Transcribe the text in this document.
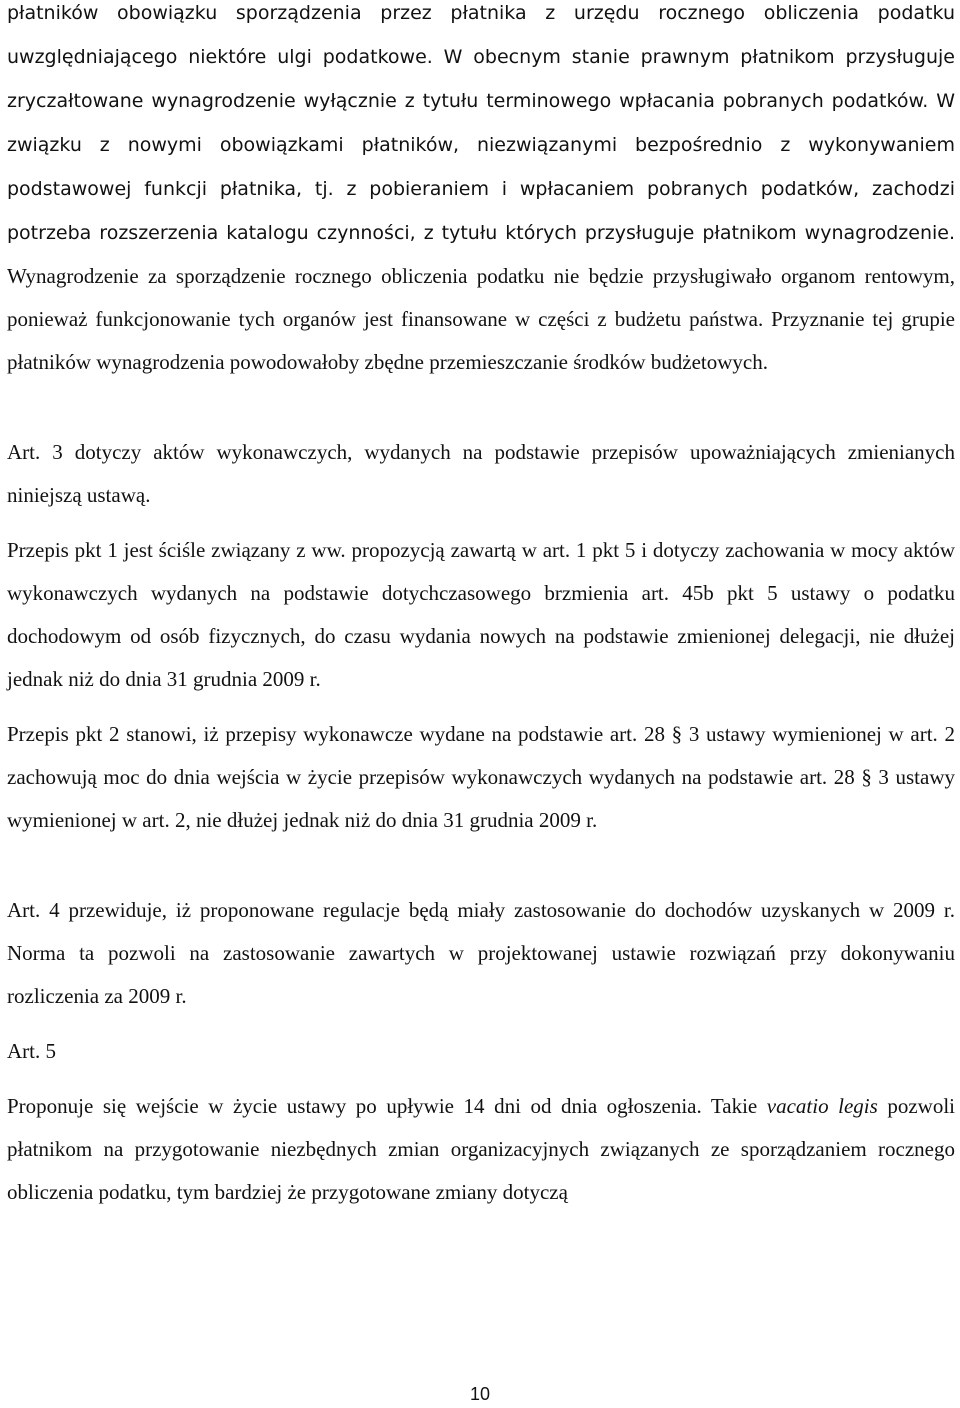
płatników obowiązku sporządzenia przez płatnika z urzędu rocznego obliczenia podatku uwzględniającego niektóre ulgi podatkowe. W obecnym stanie prawnym płatnikom przysługuje zryczałtowane wynagrodzenie wyłącznie z tytułu terminowego wpłacania pobranych podatków. W związku z nowymi obowiązkami płatników, niezwiązanymi bezpośrednio z wykonywaniem podstawowej funkcji płatnika, tj. z pobieraniem i wpłacaniem pobranych podatków, zachodzi potrzeba rozszerzenia katalogu czynności, z tytułu których przysługuje płatnikom wynagrodzenie. Wynagrodzenie za sporządzenie rocznego obliczenia podatku nie będzie przysługiwało organom rentowym, ponieważ funkcjonowanie tych organów jest finansowane w części z budżetu państwa. Przyznanie tej grupie płatników wynagrodzenia powodowałoby zbędne przemieszczanie środków budżetowych.

Art. 3 dotyczy aktów wykonawczych, wydanych na podstawie przepisów upoważniających zmienianych niniejszą ustawą.

Przepis pkt 1 jest ściśle związany z ww. propozycją zawartą w art. 1 pkt 5 i dotyczy zachowania w mocy aktów wykonawczych wydanych na podstawie dotychczasowego brzmienia art. 45b pkt 5 ustawy o podatku dochodowym od osób fizycznych, do czasu wydania nowych na podstawie zmienionej delegacji, nie dłużej jednak niż do dnia 31 grudnia 2009 r.

Przepis pkt 2 stanowi, iż przepisy wykonawcze wydane na podstawie art. 28 § 3 ustawy wymienionej w art. 2 zachowują moc do dnia wejścia w życie przepisów wykonawczych wydanych na podstawie art. 28 § 3 ustawy wymienionej w art. 2, nie dłużej jednak niż do dnia 31 grudnia 2009 r.

Art. 4 przewiduje, iż proponowane regulacje będą miały zastosowanie do dochodów uzyskanych w 2009 r. Norma ta pozwoli na zastosowanie zawartych w projektowanej ustawie rozwiązań przy dokonywaniu rozliczenia za 2009 r.

Art. 5

Proponuje się wejście w życie ustawy po upływie 14 dni od dnia ogłoszenia. Takie vacatio legis pozwoli płatnikom na przygotowanie niezbędnych zmian organizacyjnych związanych ze sporządzaniem rocznego obliczenia podatku, tym bardziej że przygotowane zmiany dotyczą

10
